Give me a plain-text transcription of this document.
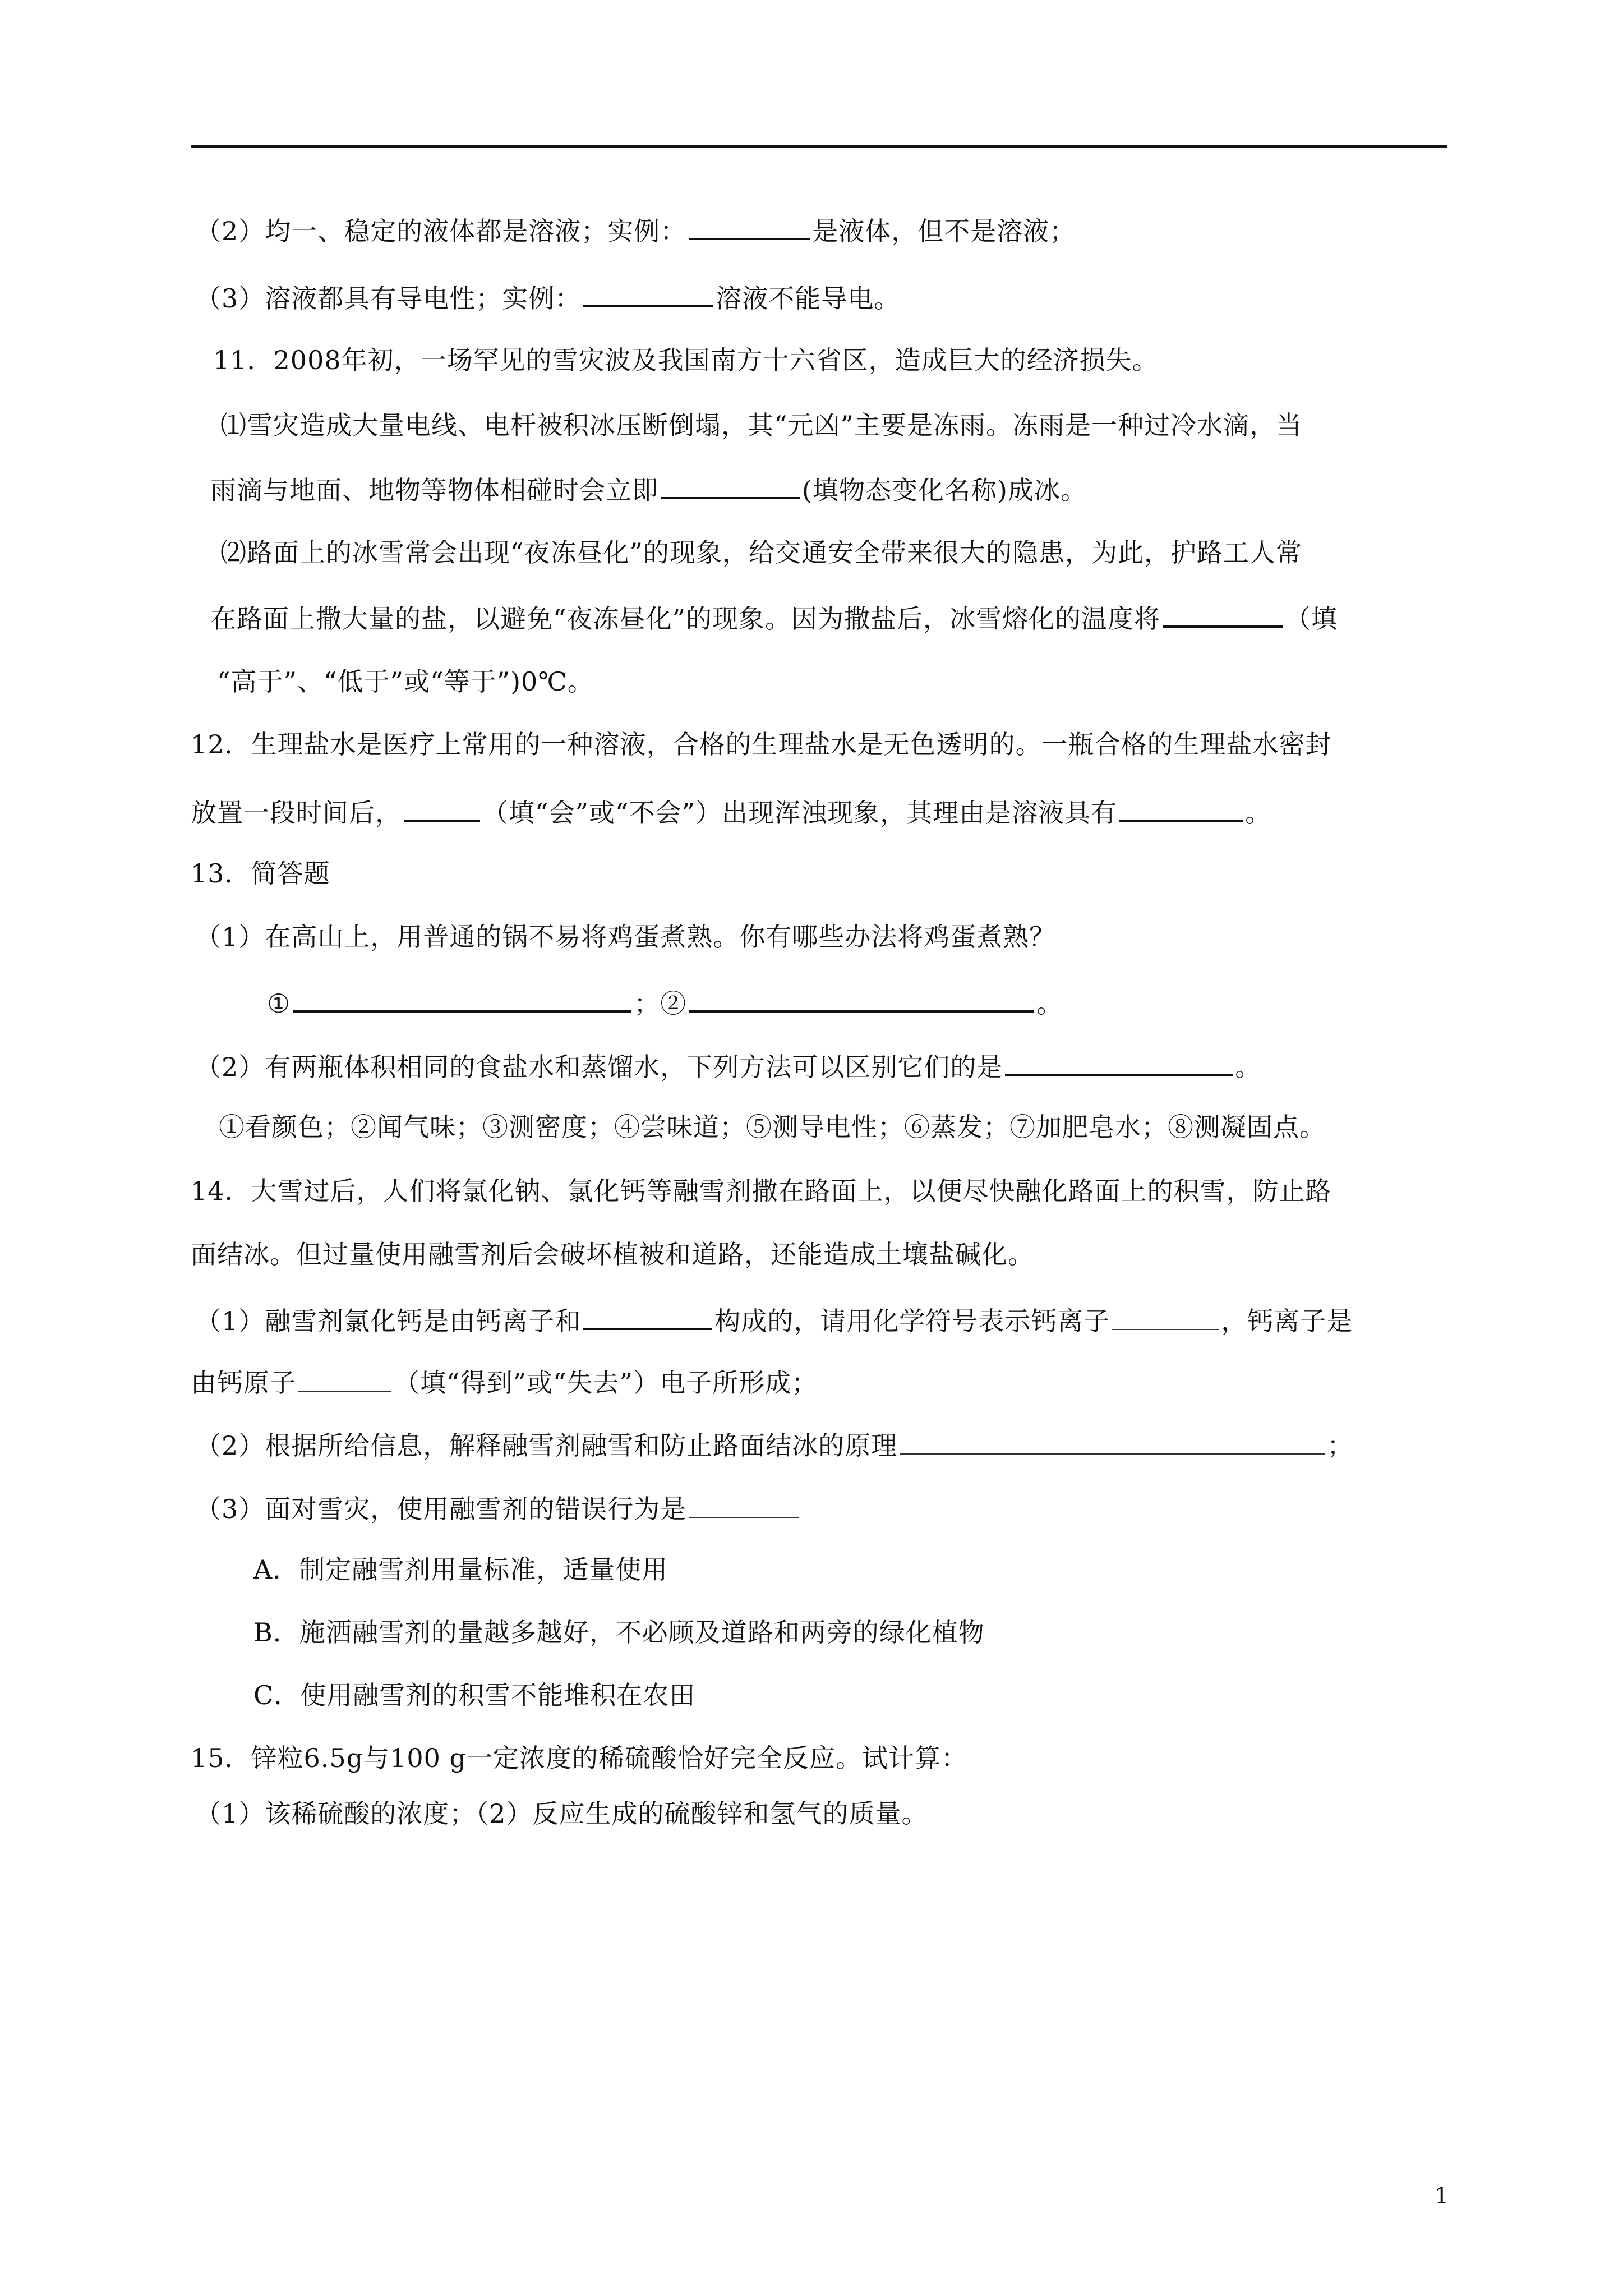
（2）均一、稳定的液体都是溶液；实例：	是液体，但不是溶液；
（3）溶液都具有导电性；实例：	溶液不能导电。
11．2008年初，一场罕见的雪灾波及我国南方十六省区，造成巨大的经济损失。
⑴雪灾造成大量电线、电杆被积冰压断倒塌，其“元凶”主要是冻雨。冻雨是一种过冷水滴，当
雨滴与地面、地物等物体相碰时会立即	(填物态变化名称)成冰。
⑵路面上的冰雪常会出现“夜冻昼化”的现象，给交通安全带来很大的隐患，为此，护路工人常
在路面上撒大量的盐，以避免“夜冻昼化”的现象。因为撒盐后，冰雪熔化的温度将	（填
“高于”、“低于”或“等于”)0℃。
12．生理盐水是医疗上常用的一种溶液，合格的生理盐水是无色透明的。一瓶合格的生理盐水密封
放置一段时间后，	（填“会”或“不会”）出现浑浊现象，其理由是溶液具有	。
13．简答题
（1）在高山上，用普通的锅不易将鸡蛋煮熟。你有哪些办法将鸡蛋煮熟？
①	；②	。
（2）有两瓶体积相同的食盐水和蒸馏水，下列方法可以区别它们的是	。
①看颜色；②闻气味；③测密度；④尝味道；⑤测导电性；⑥蒸发；⑦加肥皂水；⑧测凝固点。
14．大雪过后，人们将氯化钠、氯化钙等融雪剂撒在路面上，以便尽快融化路面上的积雪，防止路
面结冰。但过量使用融雪剂后会破坏植被和道路，还能造成土壤盐碱化。
（1）融雪剂氯化钙是由钙离子和	构成的，请用化学符号表示钙离子	，钙离子是
由钙原子	（填“得到”或“失去”）电子所形成；
（2）根据所给信息，解释融雪剂融雪和防止路面结冰的原理	；
（3）面对雪灾，使用融雪剂的错误行为是
A．制定融雪剂用量标准，适量使用
B．施洒融雪剂的量越多越好，不必顾及道路和两旁的绿化植物
C．使用融雪剂的积雪不能堆积在农田
15．锌粒6.5g与100 g一定浓度的稀硫酸恰好完全反应。试计算：
（1）该稀硫酸的浓度；（2）反应生成的硫酸锌和氢气的质量。
1
